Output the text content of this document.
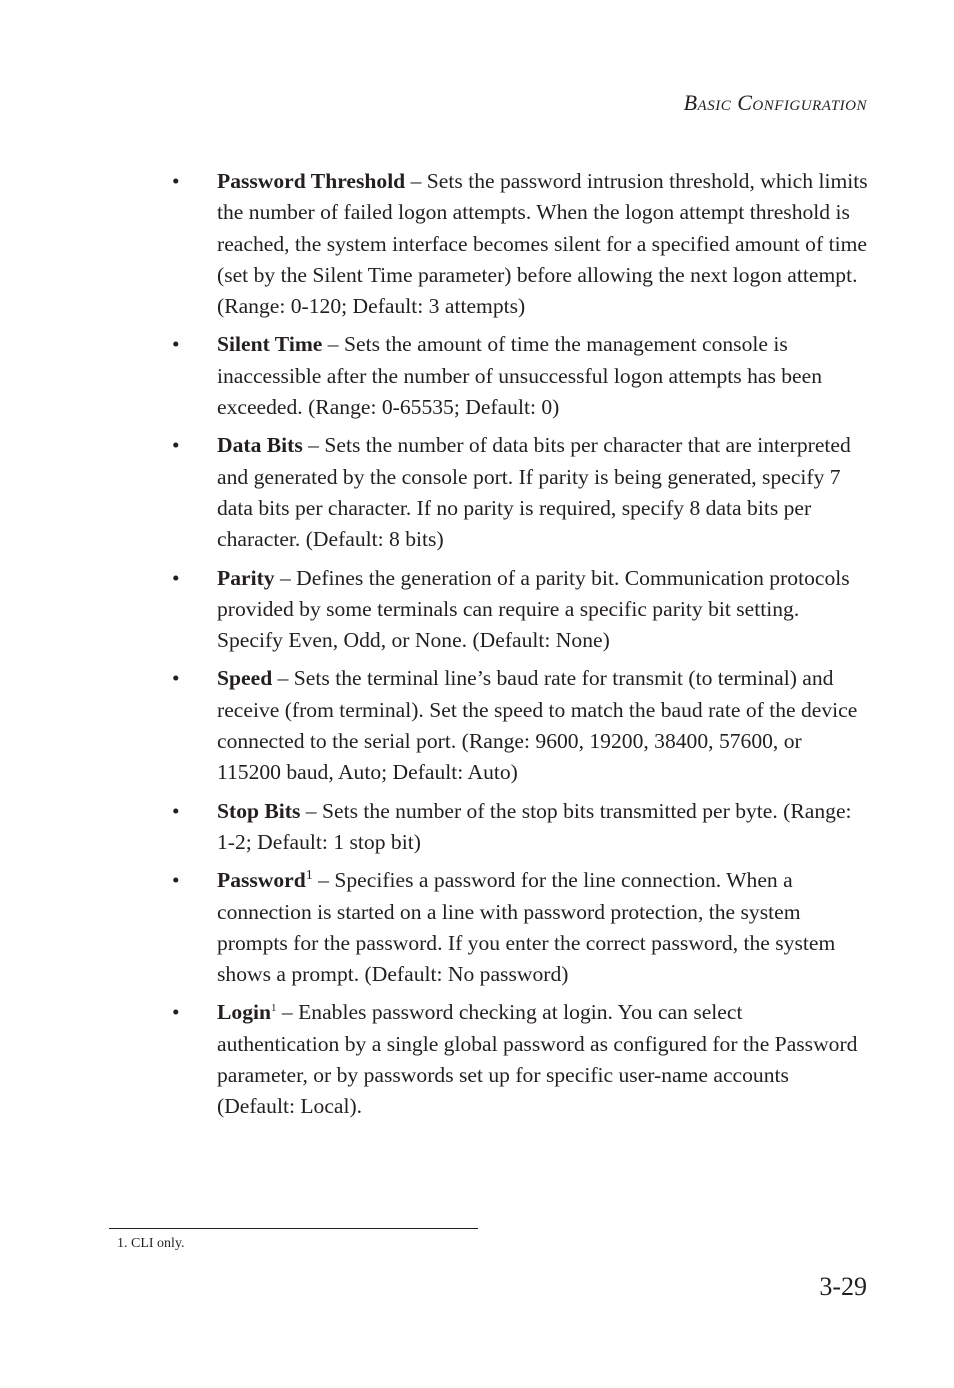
Basic Configuration
• Password Threshold – Sets the password intrusion threshold, which limits the number of failed logon attempts. When the logon attempt threshold is reached, the system interface becomes silent for a specified amount of time (set by the Silent Time parameter) before allowing the next logon attempt. (Range: 0-120; Default: 3 attempts)
• Silent Time – Sets the amount of time the management console is inaccessible after the number of unsuccessful logon attempts has been exceeded. (Range: 0-65535; Default: 0)
• Data Bits – Sets the number of data bits per character that are interpreted and generated by the console port. If parity is being generated, specify 7 data bits per character. If no parity is required, specify 8 data bits per character. (Default: 8 bits)
• Parity – Defines the generation of a parity bit. Communication protocols provided by some terminals can require a specific parity bit setting. Specify Even, Odd, or None. (Default: None)
• Speed – Sets the terminal line’s baud rate for transmit (to terminal) and receive (from terminal). Set the speed to match the baud rate of the device connected to the serial port. (Range: 9600, 19200, 38400, 57600, or 115200 baud, Auto; Default: Auto)
• Stop Bits – Sets the number of the stop bits transmitted per byte. (Range: 1-2; Default: 1 stop bit)
• Password$^1$ – Specifies a password for the line connection. When a connection is started on a line with password protection, the system prompts for the password. If you enter the correct password, the system shows a prompt. (Default: No password)
• Login$^1$ – Enables password checking at login. You can select authentication by a single global password as configured for the Password parameter, or by passwords set up for specific user-name accounts (Default: Local).
1. CLI only.
3-29
